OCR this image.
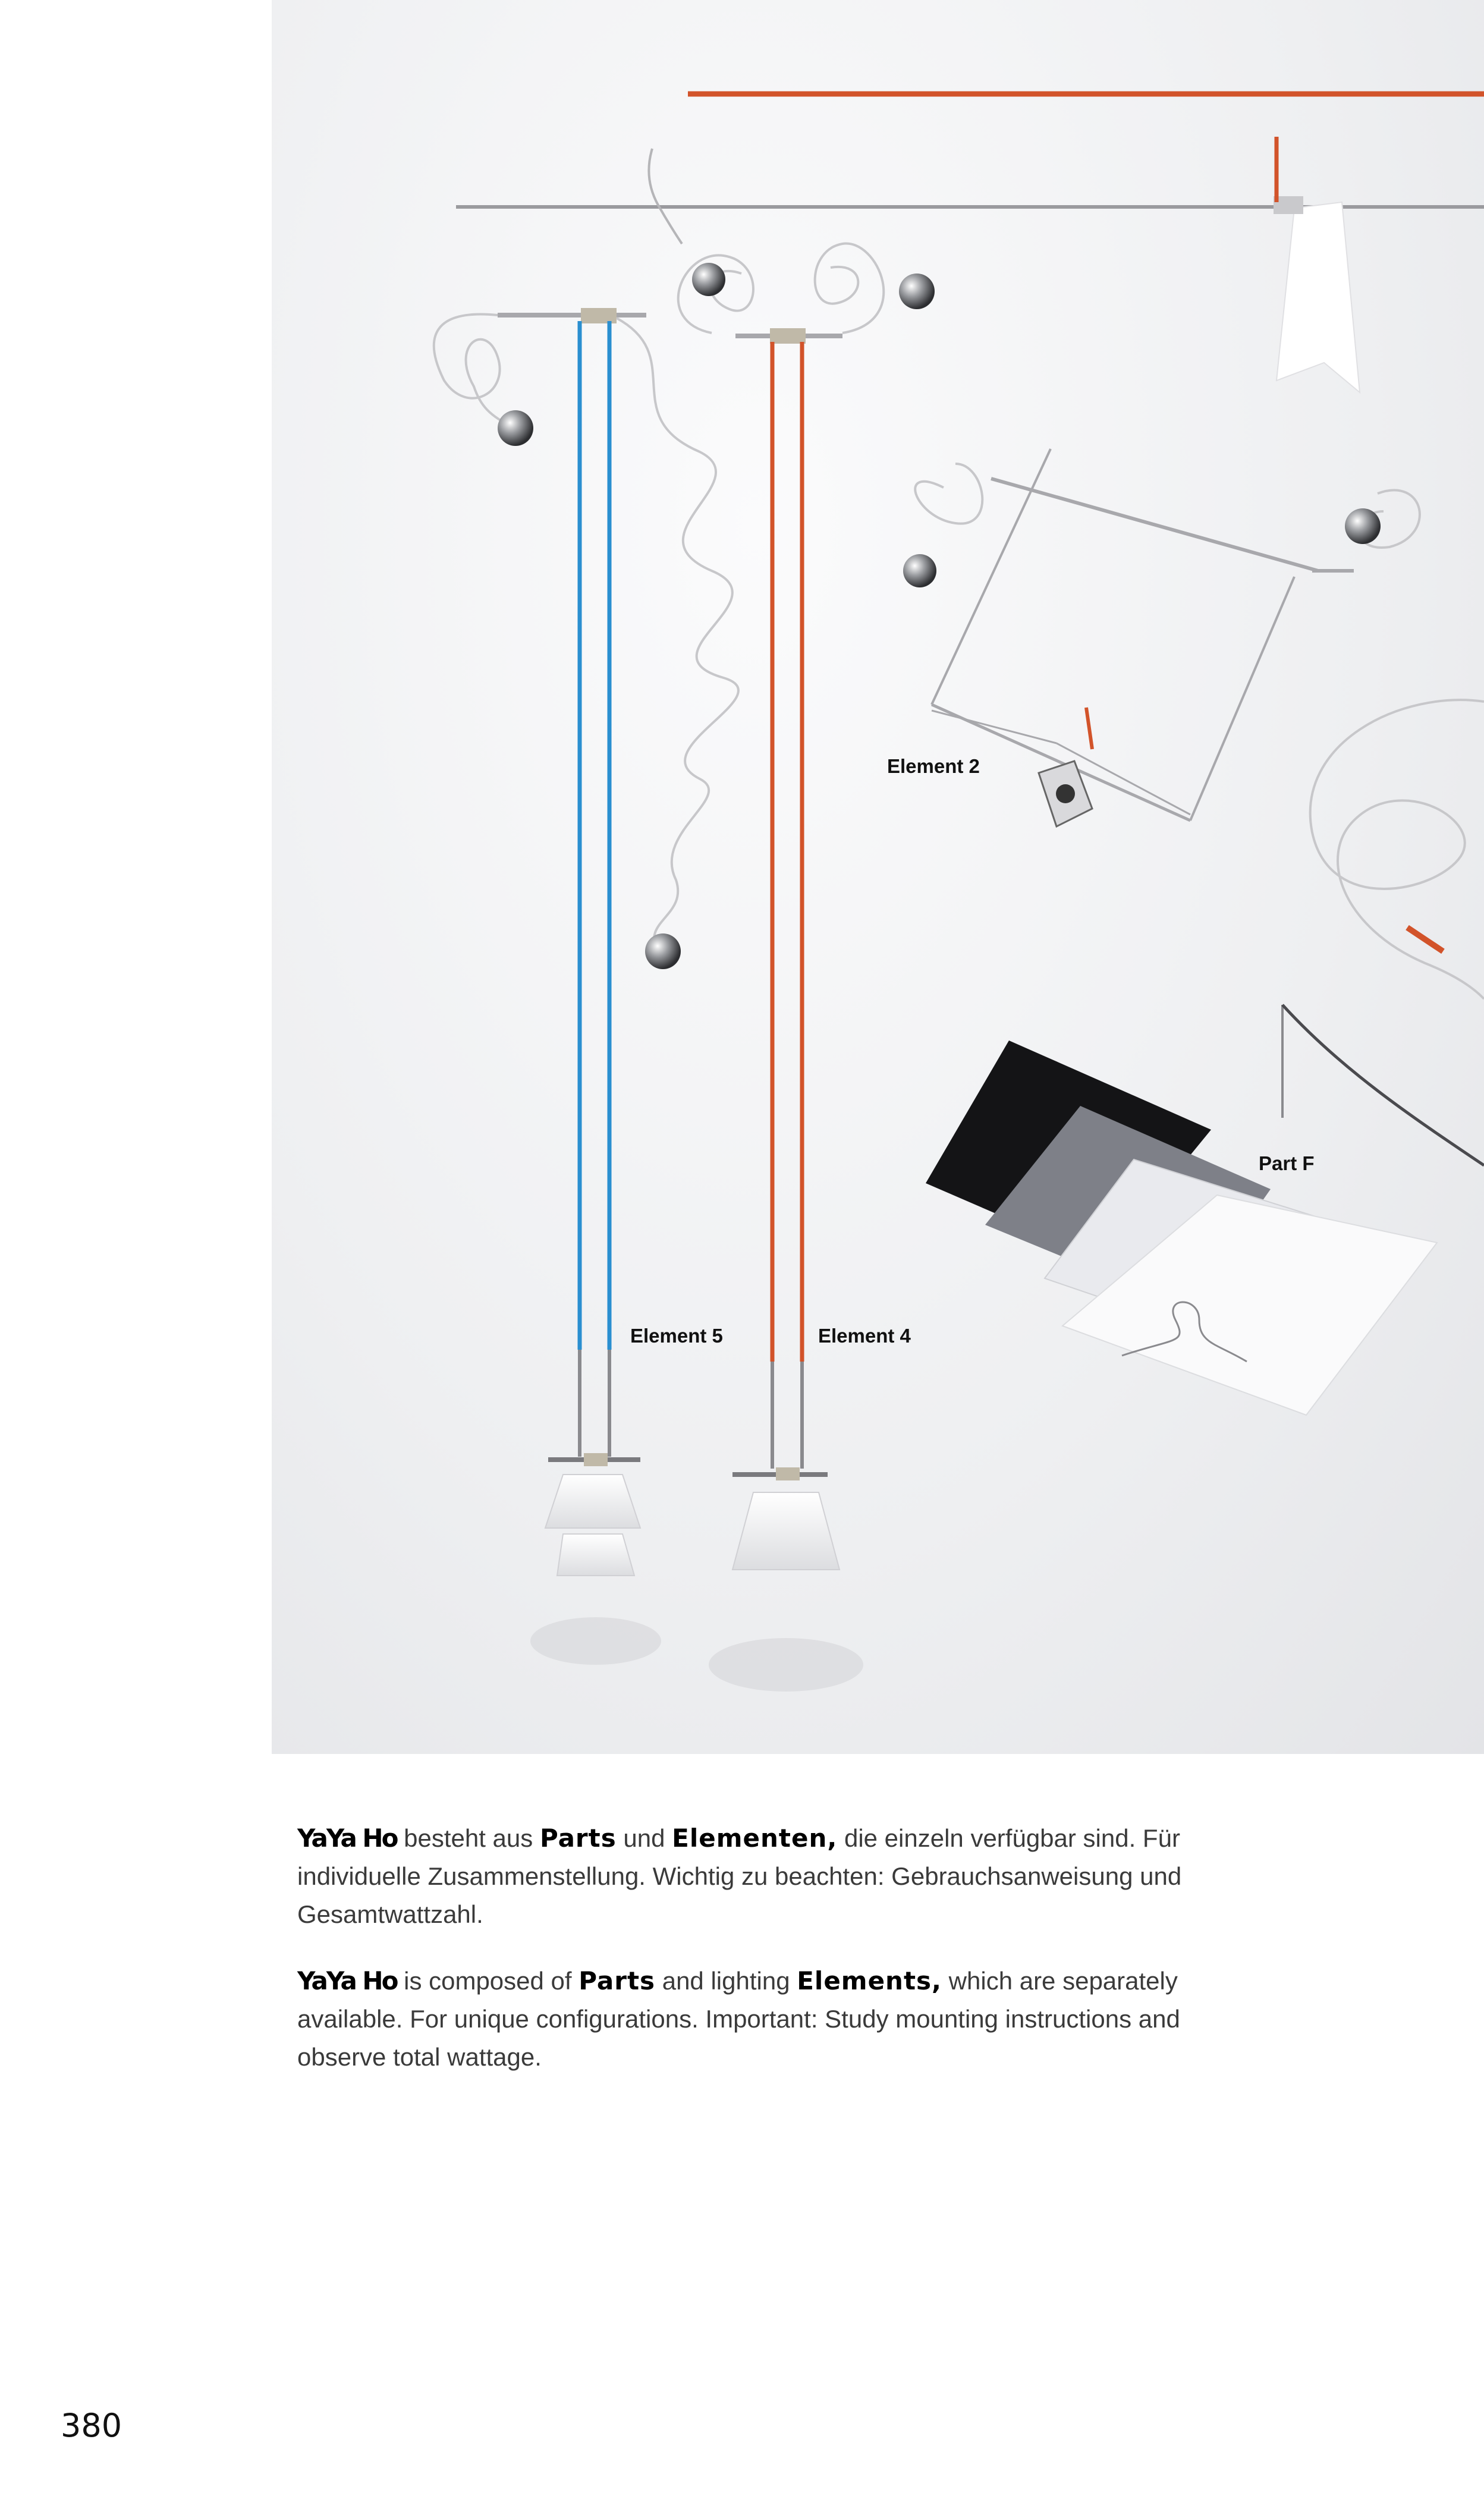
Element 2
Part F
Element 5	Element 4

YaYa Ho besteht aus Parts und Elementen, die einzeln verfügbar sind. Für individuelle Zusammenstellung. Wichtig zu beachten: Gebrauchsanweisung und Gesamtwattzahl.

YaYa Ho is composed of Parts and lighting Elements, which are separately available. For unique configurations. Important: Study mounting instructions and observe total wattage.

380
